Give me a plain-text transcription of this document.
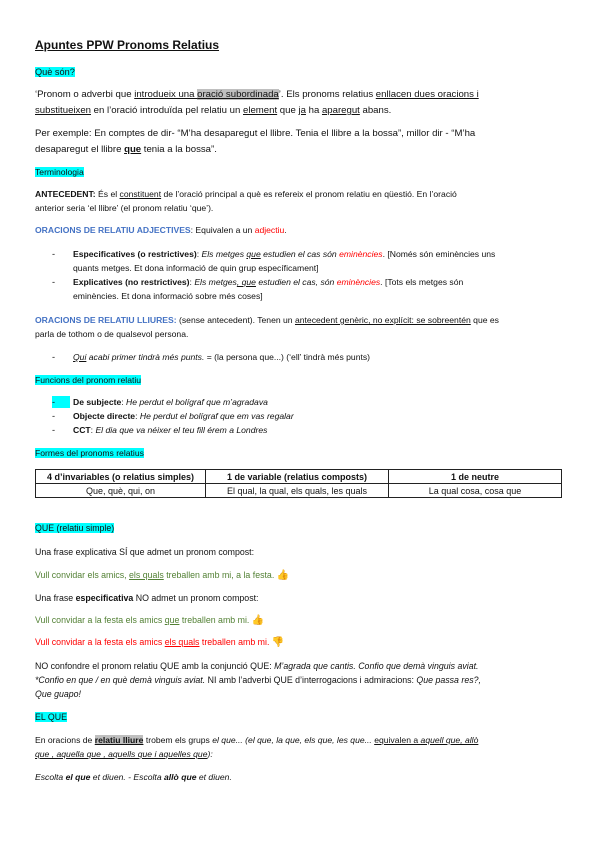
Apuntes PPW Pronoms Relatius
Què són?
‘Pronom o adverbi que introdueix una oració subordinada’. Els pronoms relatius enllacen dues oracions i
substitueixen en l’oració introduïda pel relatiu un element que ja ha aparegut abans.
Per exemple: En comptes de dir- “M’ha desaparegut el llibre. Tenia el llibre a la bossa”, millor dir - “M’ha
desaparegut el llibre que tenia a la bossa”.
Terminologia
ANTECEDENT: És el constituent de l’oració principal a què es refereix el pronom relatiu en qüestió. En l’oració
anterior seria ‘el llibre’ (el pronom relatiu ‘que’).
ORACIONS DE RELATIU ADJECTIVES: Equivalen a un adjectiu.
- Especificatives (o restrictives): Els metges que estudien el cas són eminències. [Només són eminències uns
quants metges. Et dona informació de quin grup específicament]
- Explicatives (no restrictives): Els metges, que estudien el cas, són eminències. [Tots els metges són
eminències. Et dona informació sobre més coses]
ORACIONS DE RELATIU LLIURES: (sense antecedent). Tenen un antecedent genèric, no explícit: se sobreentén que es
parla de tothom o de qualsevol persona.
- Qui acabi primer tindrà més punts. = (la persona que...) (‘ell’ tindrà més punts)
Funcions del pronom relatiu
-	De subjecte: He perdut el bolígraf que m’agradava
- Objecte directe: He perdut el bolígraf que em vas regalar
- CCT: El dia que va néixer el teu fill érem a Londres
Formes del pronoms relatius
4 d’invariables (o relatius simples)	1 de variable (relatius composts)	1 de neutre
Que, què, qui, on	El qual, la qual, els quals, les quals	La qual cosa, cosa que
QUE (relatiu simple)
Una frase explicativa SÍ que admet un pronom compost:
Vull convidar els amics, els quals treballen amb mi, a la festa. 👍
Una frase especificativa NO admet un pronom compost:
Vull convidar a la festa els amics que treballen amb mi. 👍
Vull convidar a la festa els amics els quals treballen amb mi. 👎
NO confondre el pronom relatiu QUE amb la conjunció QUE: M’agrada que cantis. Confio que demà vinguis aviat.
*Confio en que / en què demà vinguis aviat. NI amb l’adverbi QUE d’interrogacions i admiracions: Que passa res?,
Que guapo!
EL QUE
En oracions de relatiu lliure trobem els grups el que... (el que, la que, els que, les que... equivalen a aquell que, allò
que , aquella que , aquells que i aquelles que):
Escolta el que et diuen. - Escolta allò que et diuen.
